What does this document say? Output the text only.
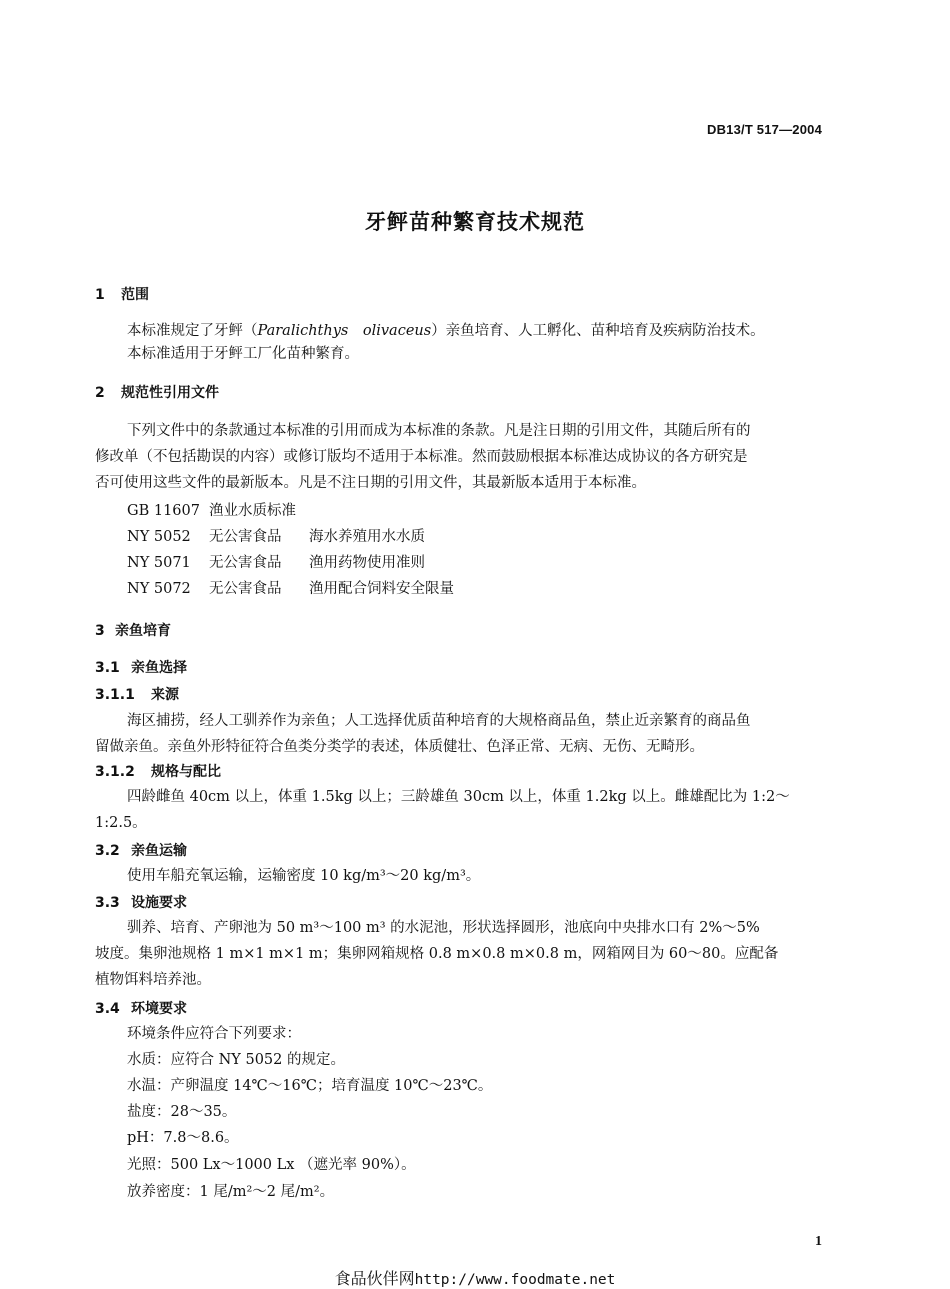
DB13/T 517—2004
牙鲆苗种繁育技术规范
1 范围
本标准规定了牙鲆（Paralichthys　olivaceus）亲鱼培育、人工孵化、苗种培育及疾病防治技术。
本标准适用于牙鲆工厂化苗种繁育。
2 规范性引用文件
下列文件中的条款通过本标准的引用而成为本标准的条款。凡是注日期的引用文件，其随后所有的
修改单（不包括勘误的内容）或修订版均不适用于本标准。然而鼓励根据本标准达成协议的各方研究是
否可使用这些文件的最新版本。凡是不注日期的引用文件，其最新版本适用于本标准。
GB 11607 渔业水质标准
NY 5052 无公害食品 海水养殖用水水质
NY 5071 无公害食品 渔用药物使用准则
NY 5072 无公害食品 渔用配合饲料安全限量
3 亲鱼培育
3.1 亲鱼选择
3.1.1 来源
海区捕捞，经人工驯养作为亲鱼；人工选择优质苗种培育的大规格商品鱼，禁止近亲繁育的商品鱼
留做亲鱼。亲鱼外形特征符合鱼类分类学的表述，体质健壮、色泽正常、无病、无伤、无畸形。
3.1.2 规格与配比
四龄雌鱼 40cm 以上，体重 1.5kg 以上；三龄雄鱼 30cm 以上，体重 1.2kg 以上。雌雄配比为 1:2～
1:2.5。
3.2 亲鱼运输
使用车船充氧运输，运输密度 10 kg/m³～20 kg/m³。
3.3 设施要求
驯养、培育、产卵池为 50 m³～100 m³ 的水泥池，形状选择圆形，池底向中央排水口有 2%～5%
坡度。集卵池规格 1 m×1 m×1 m；集卵网箱规格 0.8 m×0.8 m×0.8 m，网箱网目为 60～80。应配备
植物饵料培养池。
3.4 环境要求
环境条件应符合下列要求：
水质：应符合 NY 5052 的规定。
水温：产卵温度 14℃～16℃；培育温度 10℃～23℃。
盐度：28～35。
pH：7.8～8.6。
光照：500 Lx～1000 Lx （遮光率 90%）。
放养密度：1 尾/m²～2 尾/m²。
1
食品伙伴网http://www.foodmate.net
